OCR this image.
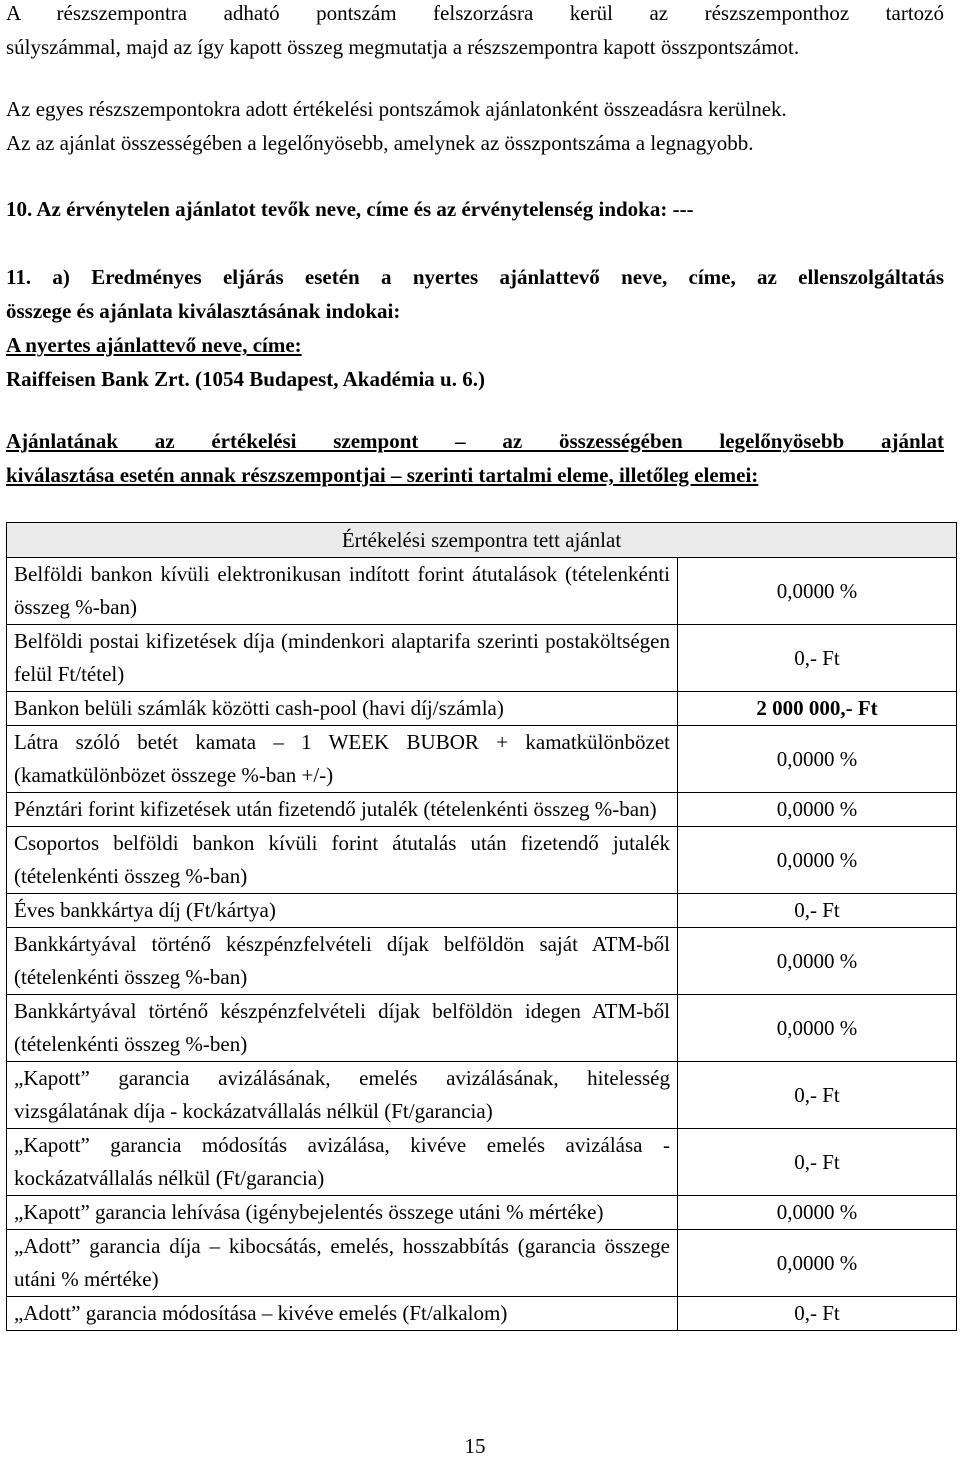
A részszempontra adható pontszám felszorzásra kerül az részszemponthoz tartozó
súlyszámmal, majd az így kapott összeg megmutatja a részszempontra kapott összpontszámot.

Az egyes részszempontokra adott értékelési pontszámok ajánlatonként összeadásra kerülnek.
Az az ajánlat összességében a legelőnyösebb, amelynek az összpontszáma a legnagyobb.

10. Az érvénytelen ajánlatot tevők neve, címe és az érvénytelenség indoka: ---

11. a) Eredményes eljárás esetén a nyertes ajánlattevő neve, címe, az ellenszolgáltatás
összege és ajánlata kiválasztásának indokai:
A nyertes ajánlattevő neve, címe:
Raiffeisen Bank Zrt. (1054 Budapest, Akadémia u. 6.)

Ajánlatának az értékelési szempont – az összességében legelőnyösebb ajánlat
kiválasztása esetén annak részszempontjai – szerinti tartalmi eleme, illetőleg elemei:

Értékelési szempontra tett ajánlat	
Belföldi bankon kívüli elektronikusan indított forint átutalások (tételenkénti összeg %-ban)	0,0000 %
Belföldi postai kifizetések díja (mindenkori alaptarifa szerinti postaköltségen felül Ft/tétel)	0,- Ft
Bankon belüli számlák közötti cash-pool (havi díj/számla)	2 000 000,- Ft
Látra szóló betét kamata – 1 WEEK BUBOR + kamatkülönbözet (kamatkülönbözet összege %-ban +/-)	0,0000 %
Pénztári forint kifizetések után fizetendő jutalék (tételenkénti összeg %-ban)	0,0000 %
Csoportos belföldi bankon kívüli forint átutalás után fizetendő jutalék (tételenkénti összeg %-ban)	0,0000 %
Éves bankkártya díj (Ft/kártya)	0,- Ft
Bankkártyával történő készpénzfelvételi díjak belföldön saját ATM-ből (tételenkénti összeg %-ban)	0,0000 %
Bankkártyával történő készpénzfelvételi díjak belföldön idegen ATM-ből (tételenkénti összeg %-ben)	0,0000 %
„Kapott” garancia avizálásának, emelés avizálásának, hitelesség vizsgálatának díja - kockázatvállalás nélkül (Ft/garancia)	0,- Ft
„Kapott” garancia módosítás avizálása, kivéve emelés avizálása - kockázatvállalás nélkül (Ft/garancia)	0,- Ft
„Kapott” garancia lehívása (igénybejelentés összege utáni % mértéke)	0,0000 %
„Adott” garancia díja – kibocsátás, emelés, hosszabbítás (garancia összege utáni % mértéke)	0,0000 %
„Adott” garancia módosítása – kivéve emelés (Ft/alkalom)	0,- Ft
15
